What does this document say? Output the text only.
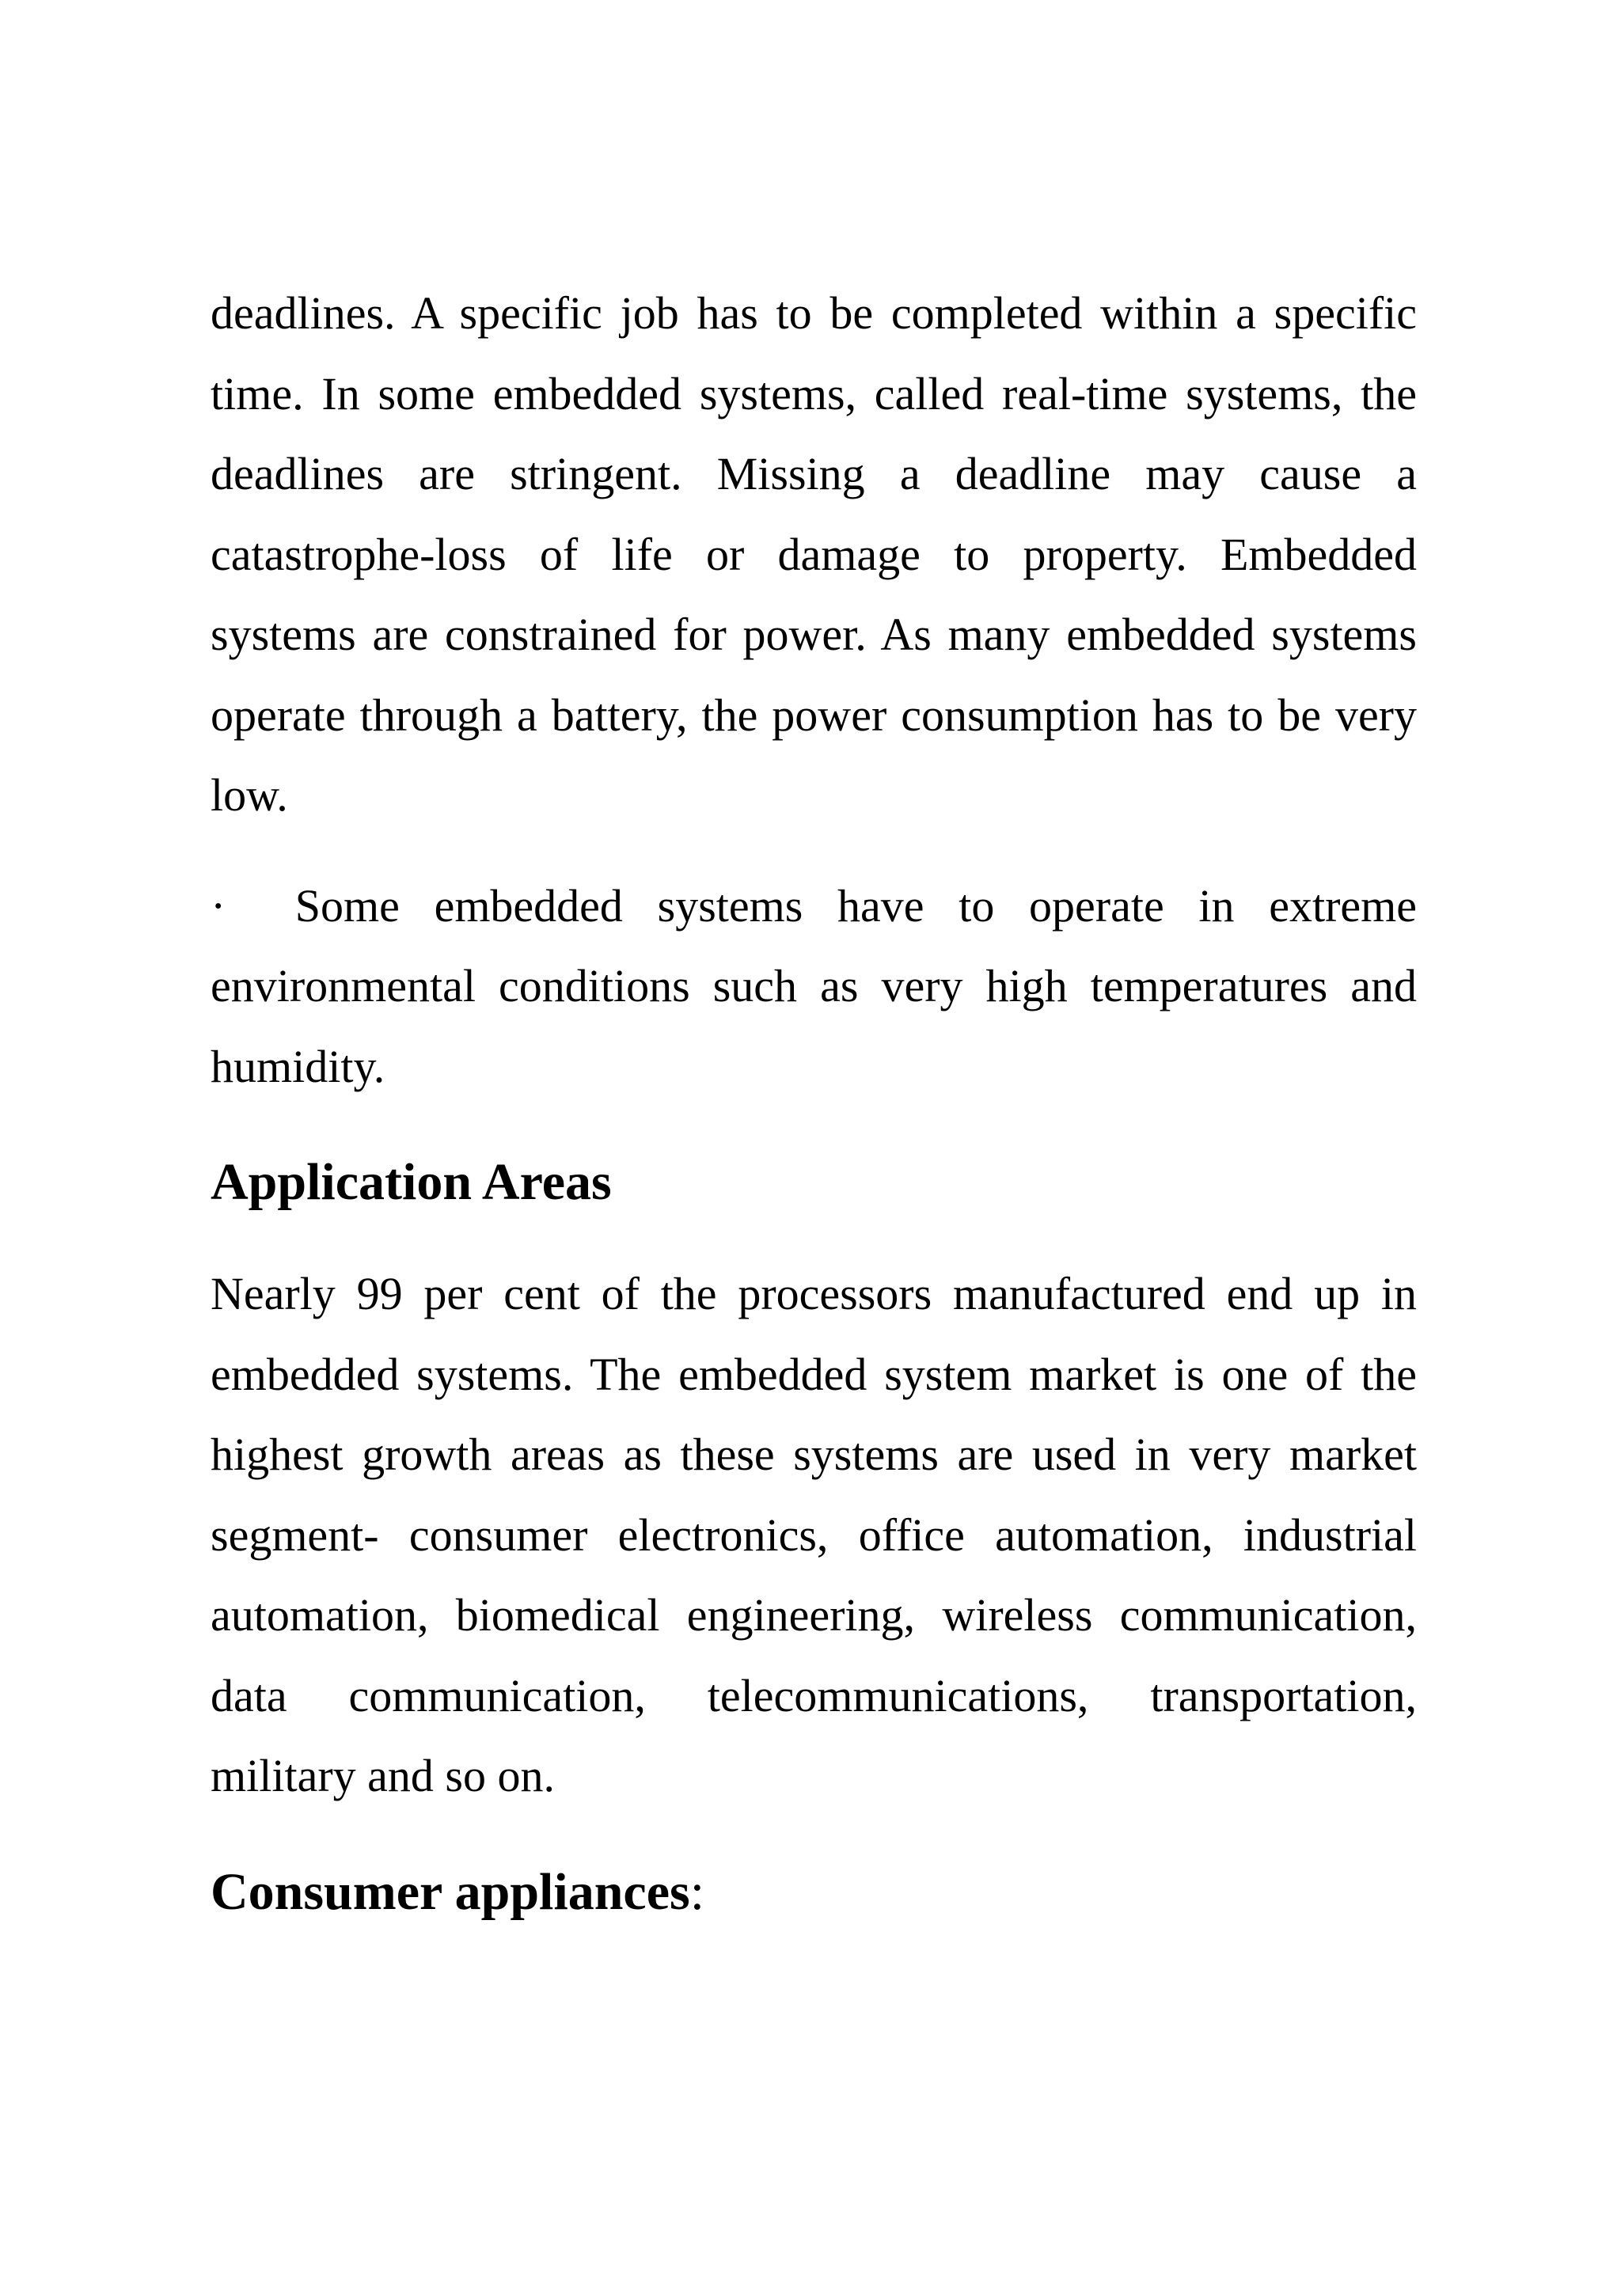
deadlines. A specific job has to be completed within a specific time. In some embedded systems, called real-time systems, the deadlines are stringent. Missing a deadline may cause a catastrophe-loss of life or damage to property. Embedded systems are constrained for power. As many embedded systems operate through a battery, the power consumption has to be very low.

· Some embedded systems have to operate in extreme environmental conditions such as very high temperatures and humidity.

Application Areas

Nearly 99 per cent of the processors manufactured end up in embedded systems. The embedded system market is one of the highest growth areas as these systems are used in very market segment- consumer electronics, office automation, industrial automation, biomedical engineering, wireless communication, data communication, telecommunications, transportation, military and so on.

Consumer appliances:
